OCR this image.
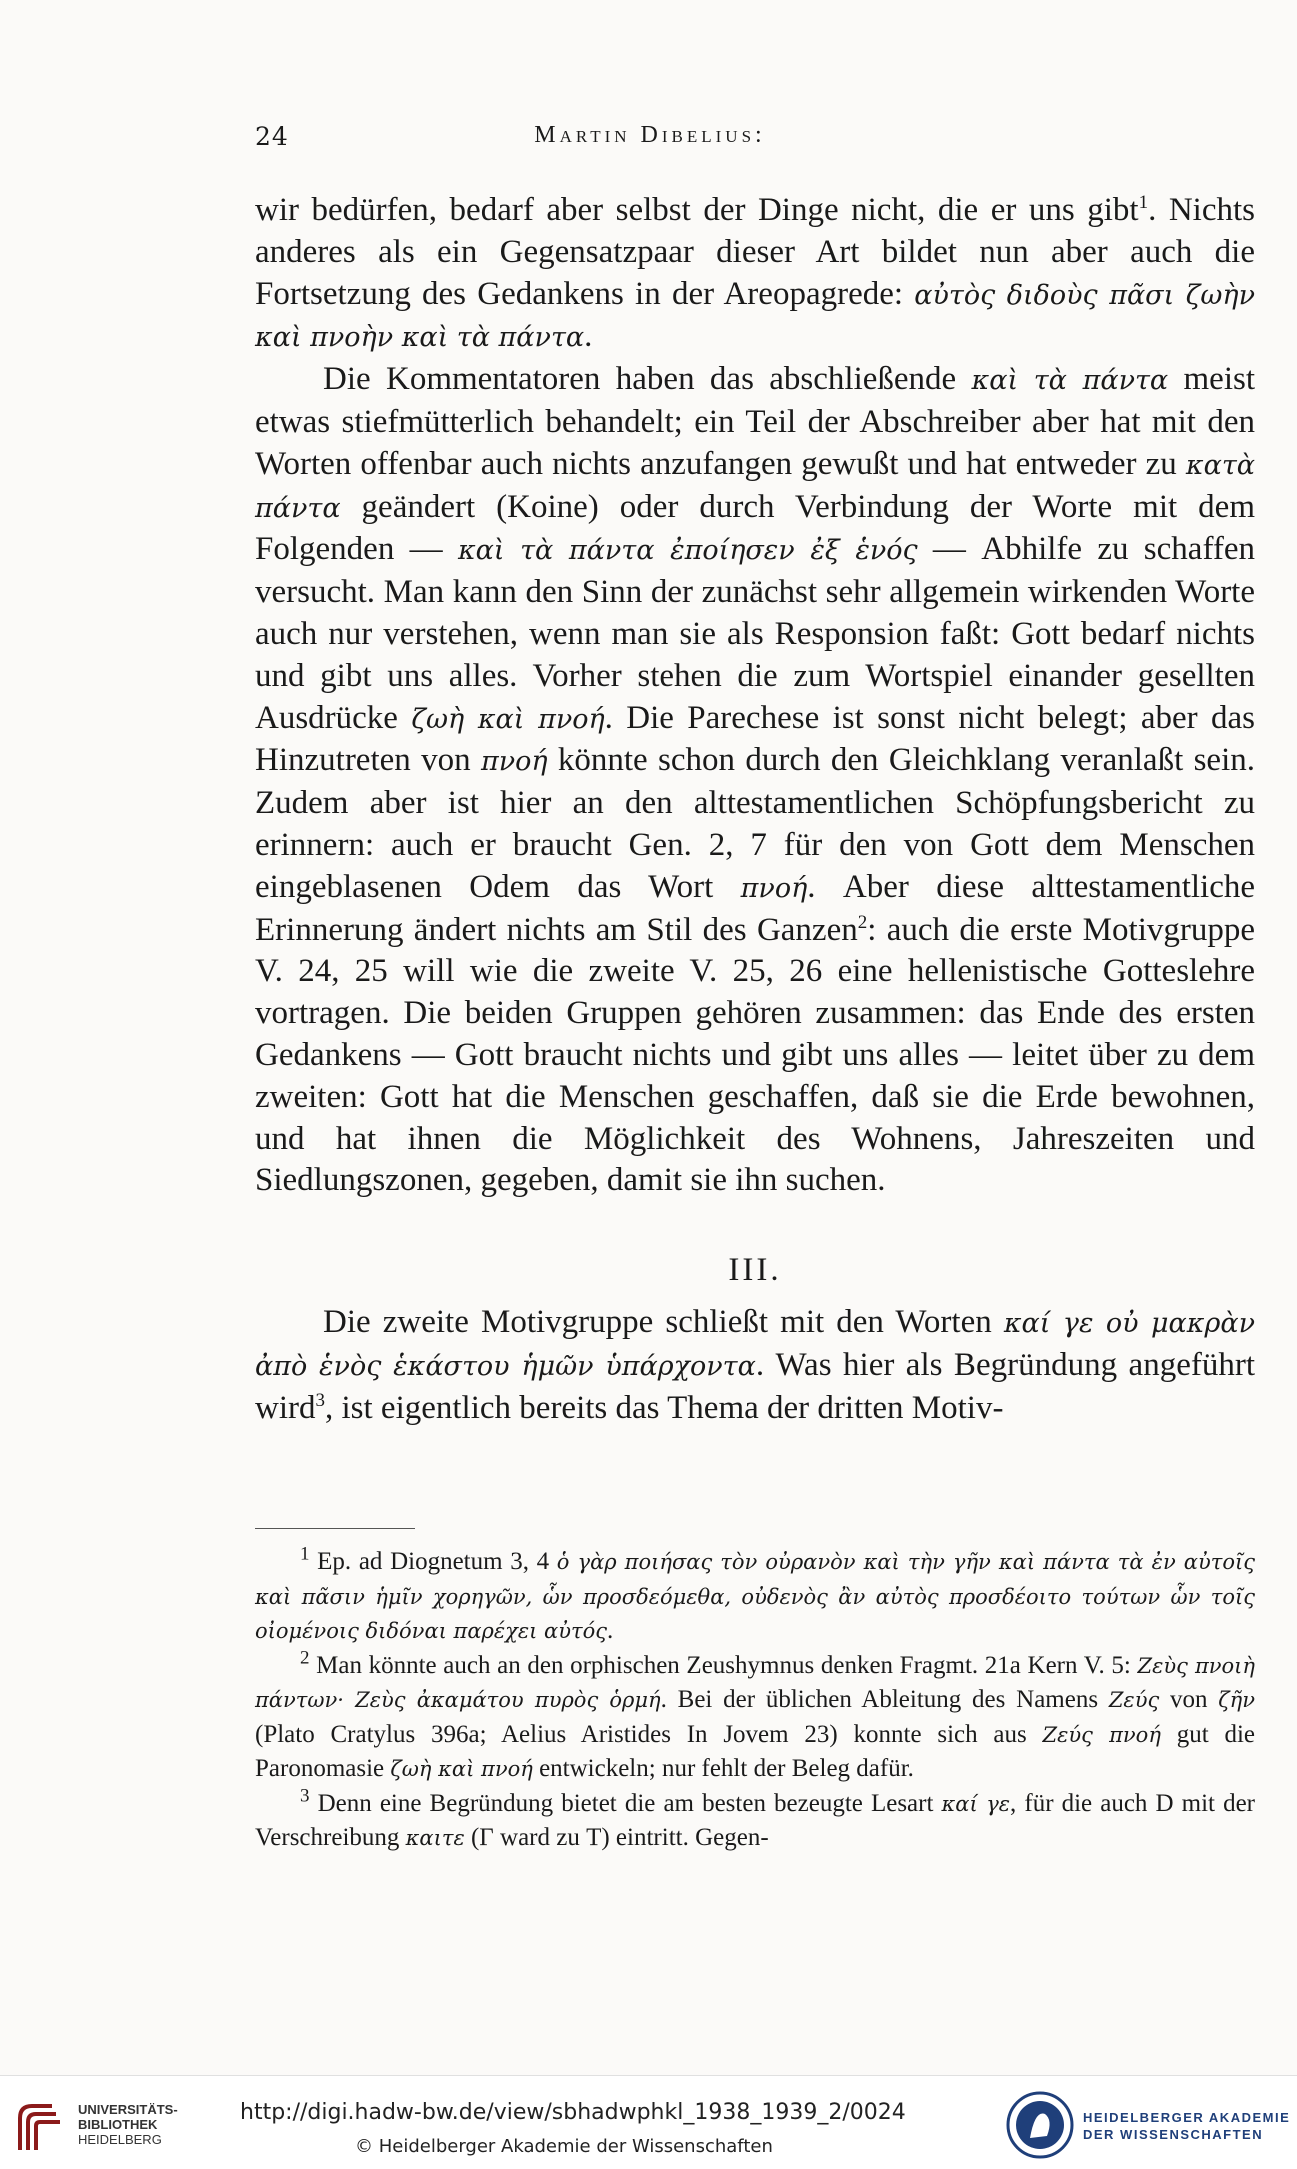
24	Martin Dibelius:

wir bedürfen, bedarf aber selbst der Dinge nicht, die er uns gibt$^1$. Nichts anderes als ein Gegensatzpaar dieser Art bildet nun aber auch die Fortsetzung des Gedankens in der Areopagrede: αὐτὸς διδοὺς πᾶσι ζωὴν καὶ πνοὴν καὶ τὰ πάντα.

Die Kommentatoren haben das abschließende καὶ τὰ πάντα meist etwas stiefmütterlich behandelt; ein Teil der Abschreiber aber hat mit den Worten offenbar auch nichts anzufangen gewußt und hat entweder zu κατὰ πάντα geändert (Koine) oder durch Verbindung der Worte mit dem Folgenden — καὶ τὰ πάντα ἐποίησεν ἐξ ἑνός — Abhilfe zu schaffen versucht. Man kann den Sinn der zunächst sehr allgemein wirkenden Worte auch nur verstehen, wenn man sie als Responsion faßt: Gott bedarf nichts und gibt uns alles. Vorher stehen die zum Wortspiel einander gesellten Ausdrücke ζωὴ καὶ πνοή. Die Parechese ist sonst nicht belegt; aber das Hinzutreten von πνοή könnte schon durch den Gleichklang veranlaßt sein. Zudem aber ist hier an den alttestamentlichen Schöpfungsbericht zu erinnern: auch er braucht Gen. 2, 7 für den von Gott dem Menschen eingeblasenen Odem das Wort πνοή. Aber diese alttestamentliche Erinnerung ändert nichts am Stil des Ganzen$^2$: auch die erste Motivgruppe V. 24, 25 will wie die zweite V. 25, 26 eine hellenistische Gotteslehre vortragen. Die beiden Gruppen gehören zusammen: das Ende des ersten Gedankens — Gott braucht nichts und gibt uns alles — leitet über zu dem zweiten: Gott hat die Menschen geschaffen, daß sie die Erde bewohnen, und hat ihnen die Möglichkeit des Wohnens, Jahreszeiten und Siedlungszonen, gegeben, damit sie ihn suchen.

III.

Die zweite Motivgruppe schließt mit den Worten καί γε οὐ μακρὰν ἀπὸ ἑνὸς ἑκάστου ἡμῶν ὑπάρχοντα. Was hier als Begründung angeführt wird$^3$, ist eigentlich bereits das Thema der dritten Motiv-

$^1$ Ep. ad Diognetum 3, 4 ὁ γὰρ ποιήσας τὸν οὐρανὸν καὶ τὴν γῆν καὶ πάντα τὰ ἐν αὐτοῖς καὶ πᾶσιν ἡμῖν χορηγῶν, ὧν προσδεόμεθα, οὐδενὸς ἂν αὐτὸς προσδέοιτο τούτων ὧν τοῖς οἰομένοις διδόναι παρέχει αὐτός.

$^2$ Man könnte auch an den orphischen Zeushymnus denken Fragmt. 21a Kern V. 5: Ζεὺς πνοιὴ πάντων· Ζεὺς ἀκαμάτου πυρὸς ὁρμή. Bei der üblichen Ableitung des Namens Ζεύς von ζῆν (Plato Cratylus 396a; Aelius Aristides In Jovem 23) konnte sich aus Ζεύς πνοή gut die Paronomasie ζωὴ καὶ πνοή entwickeln; nur fehlt der Beleg dafür.

$^3$ Denn eine Begründung bietet die am besten bezeugte Lesart καί γε, für die auch D mit der Verschreibung καιτε (Γ ward zu Τ) eintritt. Gegen-

UNIVERSITÄTS-
BIBLIOTHEK
HEIDELBERG
http://digi.hadw-bw.de/view/sbhadwphkl_1938_1939_2/0024
© Heidelberger Akademie der Wissenschaften
HEIDELBERGER AKADEMIE
DER WISSENSCHAFTEN
